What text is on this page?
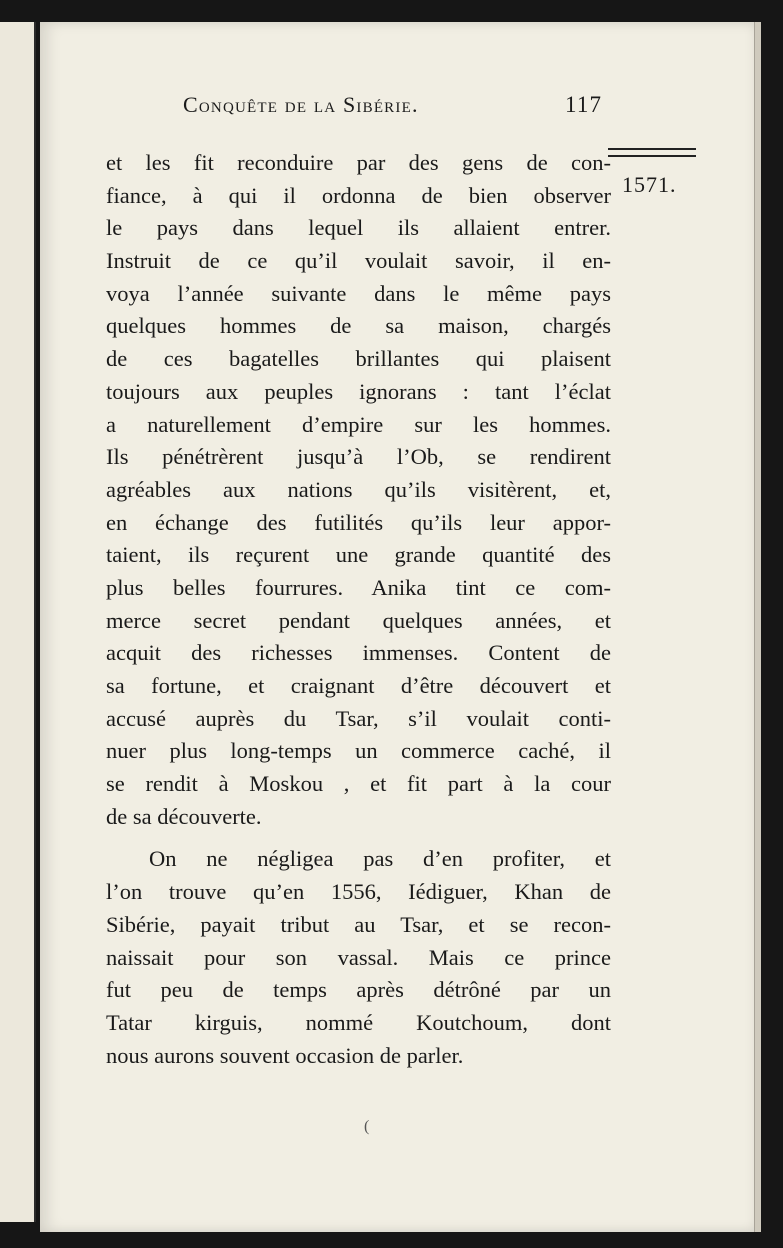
Conquête de la Sibérie.	117
1571.
et les fit reconduire par des gens de con-
fiance, à qui il ordonna de bien observer
le pays dans lequel ils allaient entrer.
Instruit de ce qu’il voulait savoir, il en-
voya l’année suivante dans le même pays
quelques hommes de sa maison, chargés
de ces bagatelles brillantes qui plaisent
toujours aux peuples ignorans : tant l’éclat
a naturellement d’empire sur les hommes.
Ils pénétrèrent jusqu’à l’Ob, se rendirent
agréables aux nations qu’ils visitèrent, et,
en échange des futilités qu’ils leur appor-
taient, ils reçurent une grande quantité des
plus belles fourrures. Anika tint ce com-
merce secret pendant quelques années, et
acquit des richesses immenses. Content de
sa fortune, et craignant d’être découvert et
accusé auprès du Tsar, s’il voulait conti-
nuer plus long-temps un commerce caché, il
se rendit à Moskou , et fit part à la cour
de sa découverte.
On ne négligea pas d’en profiter, et
l’on trouve qu’en 1556, Iédiguer, Khan de
Sibérie, payait tribut au Tsar, et se recon-
naissait pour son vassal. Mais ce prince
fut peu de temps après détrôné par un
Tatar kirguis, nommé Koutchoum, dont
nous aurons souvent occasion de parler.
(
